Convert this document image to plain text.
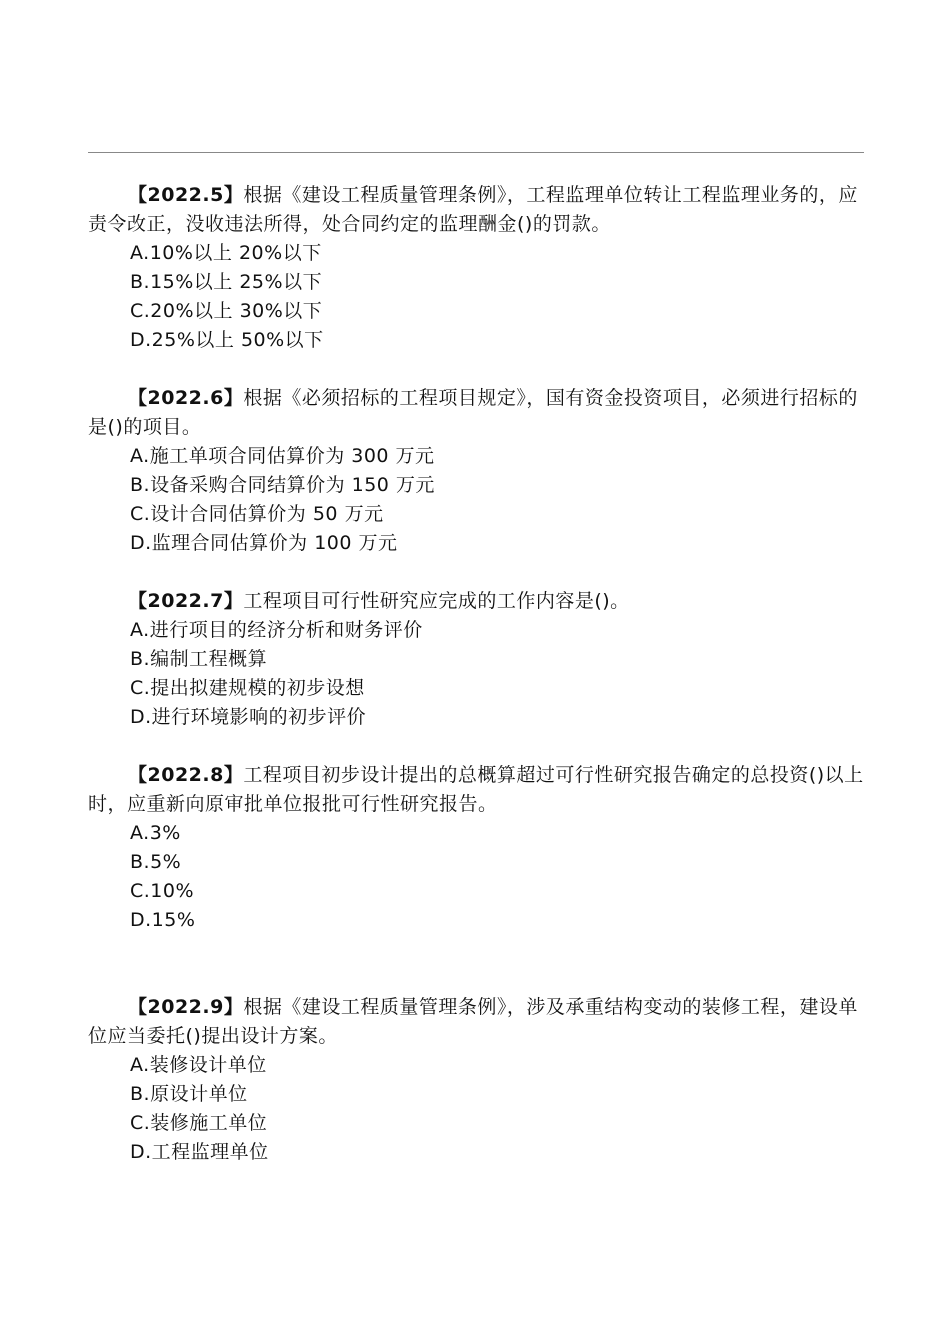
【2022.5】根据《建设工程质量管理条例》，工程监理单位转让工程监理业务的，应责令改正，没收违法所得，处合同约定的监理酬金()的罚款。

A.10%以上 20%以下
B.15%以上 25%以下
C.20%以上 30%以下
D.25%以上 50%以下

【2022.6】根据《必须招标的工程项目规定》，国有资金投资项目，必须进行招标的是()的项目。

A.施工单项合同估算价为 300 万元
B.设备采购合同结算价为 150 万元
C.设计合同估算价为 50 万元
D.监理合同估算价为 100 万元

【2022.7】工程项目可行性研究应完成的工作内容是()。

A.进行项目的经济分析和财务评价
B.编制工程概算
C.提出拟建规模的初步设想
D.进行环境影响的初步评价

【2022.8】工程项目初步设计提出的总概算超过可行性研究报告确定的总投资()以上时，应重新向原审批单位报批可行性研究报告。

A.3%
B.5%
C.10%
D.15%

【2022.9】根据《建设工程质量管理条例》，涉及承重结构变动的装修工程，建设单位应当委托()提出设计方案。

A.装修设计单位
B.原设计单位
C.装修施工单位
D.工程监理单位
